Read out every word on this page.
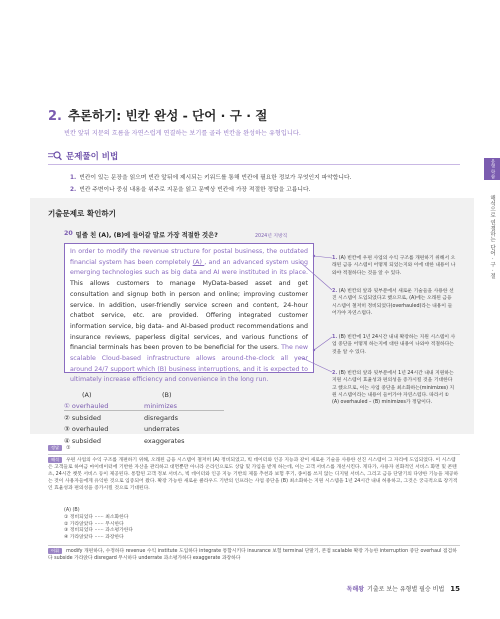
유형 학습
해석으로 연결하는 단어 · 구 · 절
2. 추론하기: 빈칸 완성 - 단어 · 구 · 절
빈칸 앞뒤 지문의 흐름을 자연스럽게 연결하는 보기를 골라 빈칸을 완성하는 유형입니다.
문제풀이 비법
1. 빈칸이 있는 문장을 읽으며 빈칸 앞뒤에 제시되는 키워드를 통해 빈칸에 필요한 정보가 무엇인지 파악합니다.
2. 빈칸 주변이나 중심 내용을 위주로 지문을 읽고 문맥상 빈칸에 가장 적절한 정답을 고릅니다.
기출문제로 확인하기
20 밑줄 친 (A), (B)에 들어갈 말로 가장 적절한 것은?	2024년 지방직
In order to modify the revenue structure for postal business, the outdated financial system has been completely (A) , and an advanced system using emerging technologies such as big data and AI were instituted in its place. This allows customers to manage MyData-based asset and get consultation and signup both in person and online; improving customer service. In addition, user-friendly service screen and content, 24-hour chatbot service, etc. are provided. Offering integrated customer information service, big data- and AI-based product recommendations and insurance reviews, paperless digital services, and various functions of financial terminals has been proven to be beneficial for the users. The new scalable Cloud-based infrastructure allows around-the-clock all year around 24/7 support which (B) business interruptions, and it is expected to ultimately increase efficiency and convenience in the long run.
(A)	(B)
① overhauled	minimizes
② subsided	disregards
③ overhauled	underrates
④ subsided	exaggerates
1. (A) 빈칸에 우편 사업의 수익 구조를 개편하기 위해서 오래된 금융 시스템이 어떻게 되었는지와 이에 대한 내용이 나와야 적절하다는 것을 알 수 있다.
2. (A) 빈칸의 앞과 뒷부분에서 새로운 기술들을 사용한 선진 시스템이 도입되었다고 했으므로, (A)에는 오래된 금융 시스템이 철저히 정비되었다(overhauled)라는 내용이 들어가야 자연스럽다.
1. (B) 빈칸에 1년 24시간 내내 확장하는 지원 시스템이 사업 중단을 어떻게 하는지에 대한 내용이 나와야 적절하다는 것을 알 수 있다.
2. (B) 빈칸의 앞과 뒷부분에서 1년 24시간 내내 지원하는 지원 시스템이 효율성과 편의성을 증가시킬 것을 기대한다고 했으므로, 이는 사업 중단을 최소화하는(minimizes) 지원 시스템이라는 내용이 들어가야 자연스럽다. 따라서 ① (A) overhauled – (B) minimizes가 정답이다.
정답 ①
해석 우편 사업의 수익 구조를 개편하기 위해, 오래된 금융 시스템이 철저히 (A) 정비되었고, 빅 데이터와 인공 지능과 같이 새로운 기술을 사용한 선진 시스템이 그 자리에 도입되었다. 이 시스템은 고객들로 하여금 마이데이터에 기반한 자산을 관리하고 대면뿐만 아니라 온라인으로도 상담 및 가입을 받게 하는데, 이는 고객 서비스를 개선시킨다. 게다가, 사용자 친화적인 서비스 화면 및 콘텐츠, 24시간 챗봇 서비스 등이 제공된다. 통합된 고객 정보 서비스, 빅 데이터와 인공 지능 기반의 제품 추천과 보험 후기, 종이를 쓰지 않는 디지털 서비스, 그리고 금융 단말기의 다양한 기능을 제공하는 것이 사용자들에게 유익한 것으로 입증되어 왔다. 확장 가능한 새로운 클라우드 기반의 인프라는 사업 중단을 (B) 최소화하는 지원 시스템을 1년 24시간 내내 허용하고, 그것은 궁극적으로 장기적인 효율성과 편의성을 증가시킬 것으로 기대된다.
(A) (B)
① 정비되었다 ······ 최소화한다
② 가라앉았다 ······ 무시한다
③ 정비되었다 ······ 과소평가한다
④ 가라앉았다 ······ 과장한다
어휘 modify 개편하다, 수정하다 revenue 수익 institute 도입하다 integrate 통합시키다 insurance 보험 terminal 단말기, 본점 scalable 확장 가능한 interruption 중단 overhaul 점검하다 subside 가라앉다 disregard 무시하다 underrate 과소평가하다 exaggerate 과장하다
독해왕 기출로 보는 유형별 필승 비법 15
